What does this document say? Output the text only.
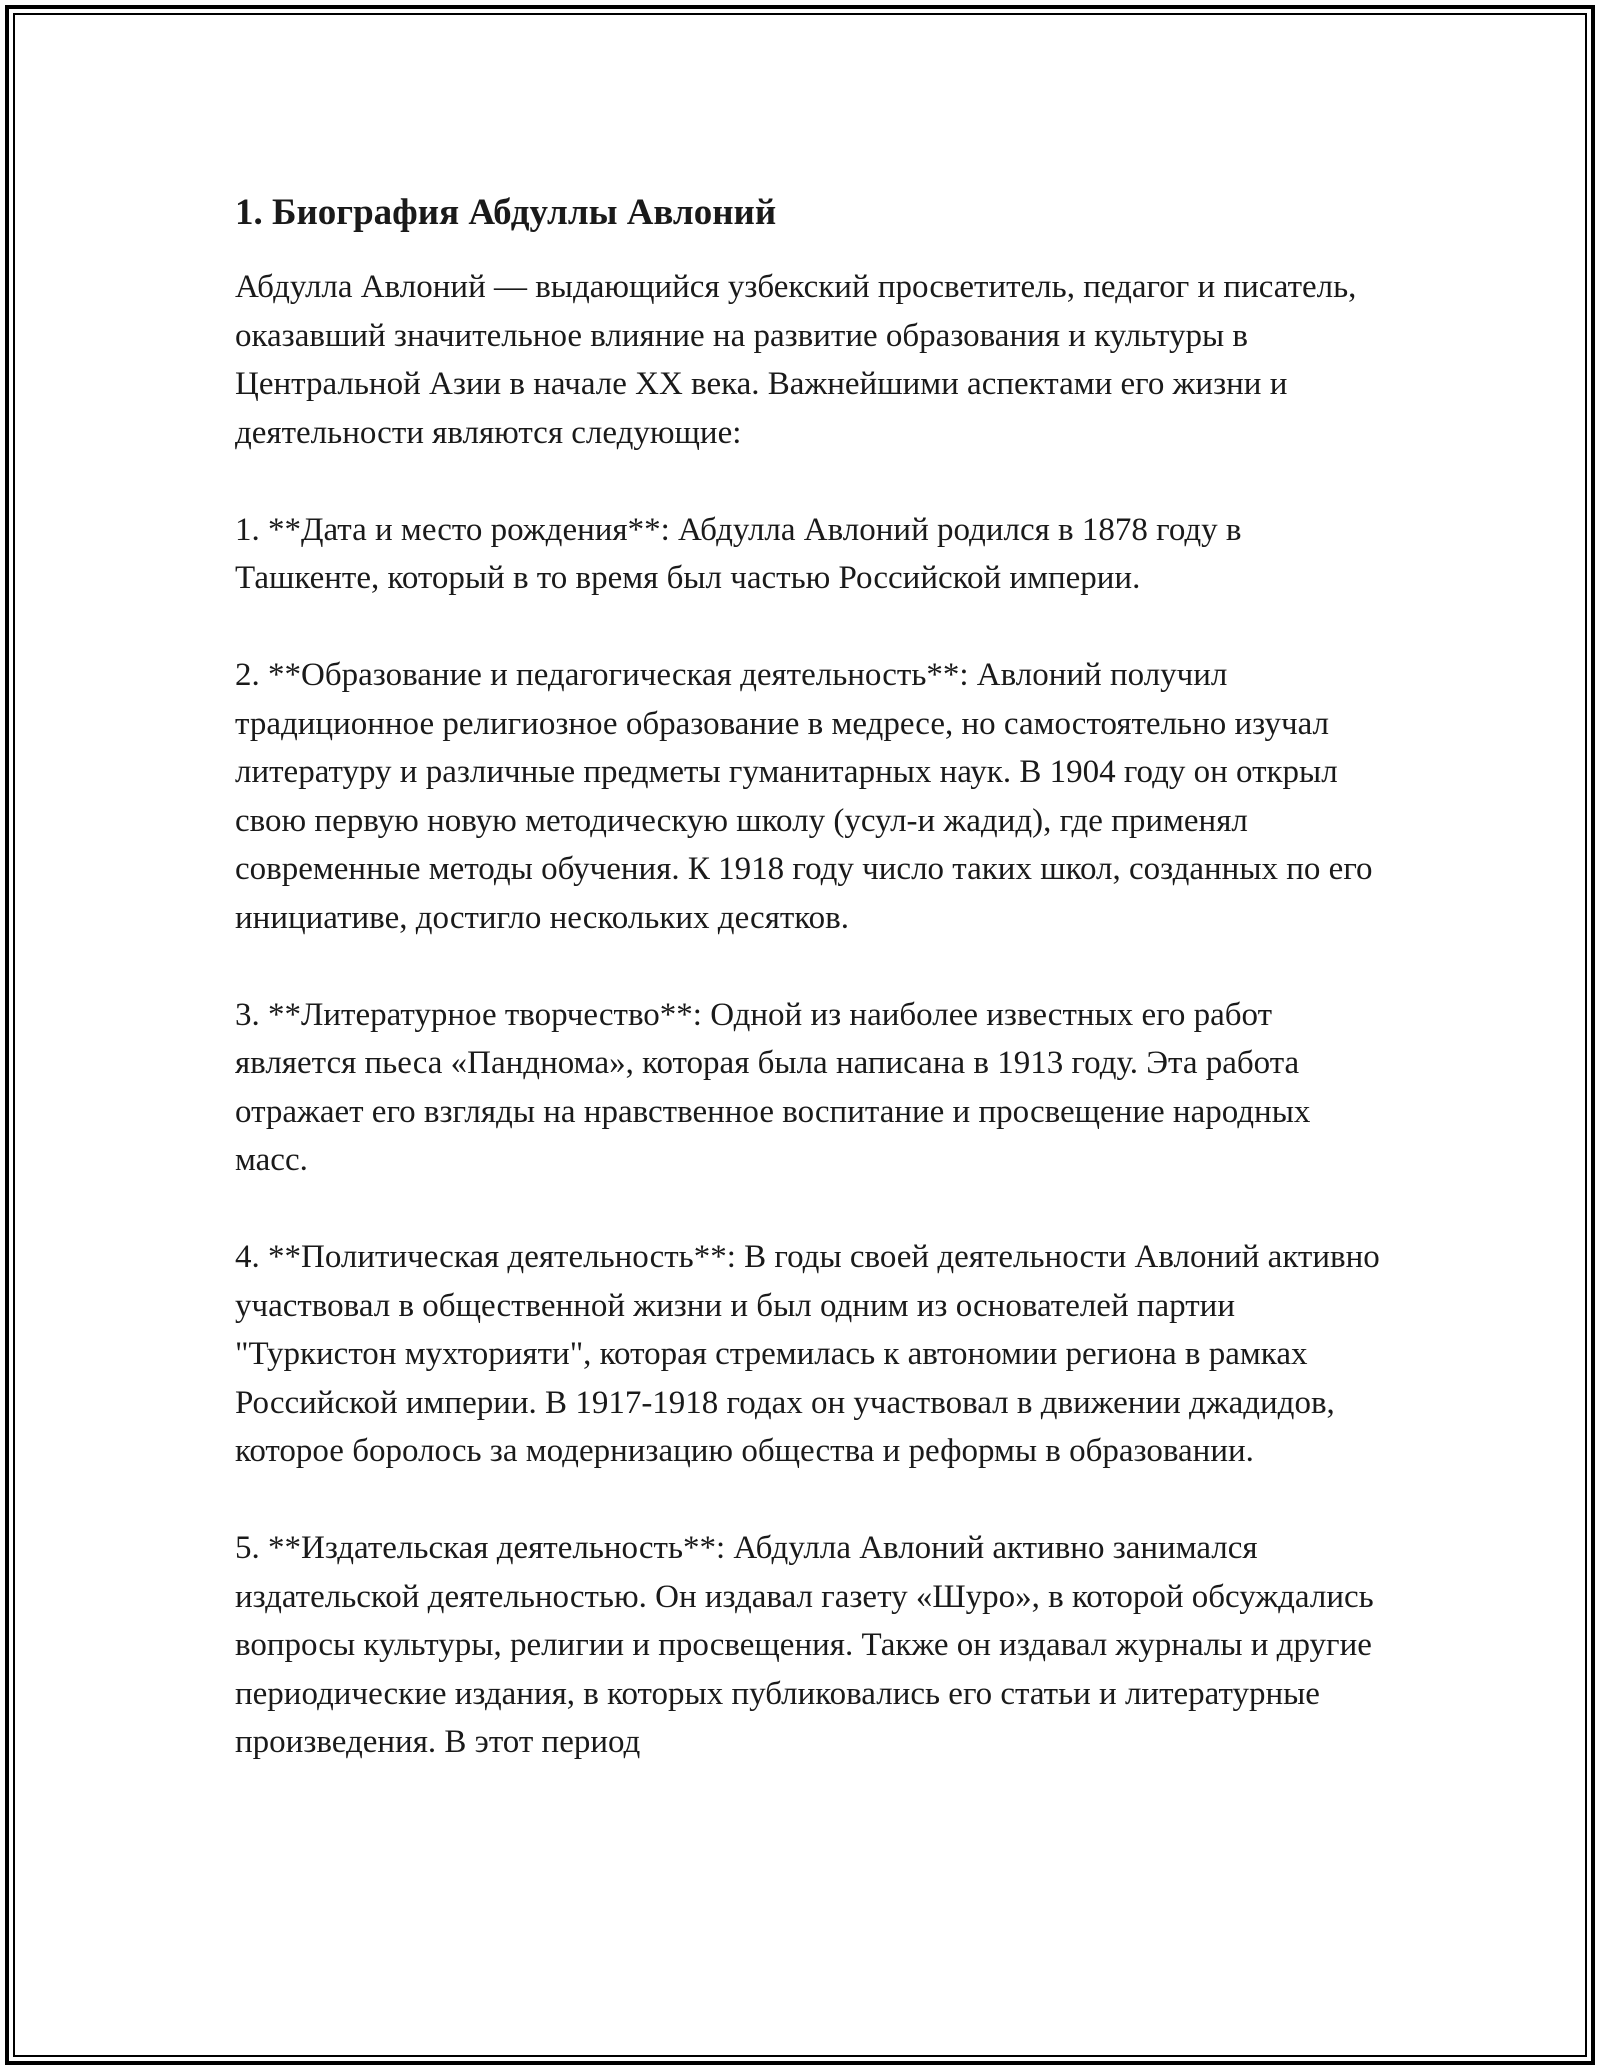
1. Биография Абдуллы Авлоний

Абдулла Авлоний — выдающийся узбекский просветитель, педагог и писатель, оказавший значительное влияние на развитие образования и культуры в Центральной Азии в начале XX века. Важнейшими аспектами его жизни и деятельности являются следующие:

1. **Дата и место рождения**: Абдулла Авлоний родился в 1878 году в Ташкенте, который в то время был частью Российской империи.

2. **Образование и педагогическая деятельность**: Авлоний получил традиционное религиозное образование в медресе, но самостоятельно изучал литературу и различные предметы гуманитарных наук. В 1904 году он открыл свою первую новую методическую школу (усул-и жадид), где применял современные методы обучения. К 1918 году число таких школ, созданных по его инициативе, достигло нескольких десятков.

3. **Литературное творчество**: Одной из наиболее известных его работ является пьеса «Пандномa», которая была написана в 1913 году. Эта работа отражает его взгляды на нравственное воспитание и просвещение народных масс.

4. **Политическая деятельность**: В годы своей деятельности Авлоний активно участвовал в общественной жизни и был одним из основателей партии "Туркистон мухторияти", которая стремилась к автономии региона в рамках Российской империи. В 1917-1918 годах он участвовал в движении джадидов, которое боролось за модернизацию общества и реформы в образовании.

5. **Издательская деятельность**: Абдулла Авлоний активно занимался издательской деятельностью. Он издавал газету «Шуро», в которой обсуждались вопросы культуры, религии и просвещения. Также он издавал журналы и другие периодические издания, в которых публиковались его статьи и литературные произведения. В этот период
